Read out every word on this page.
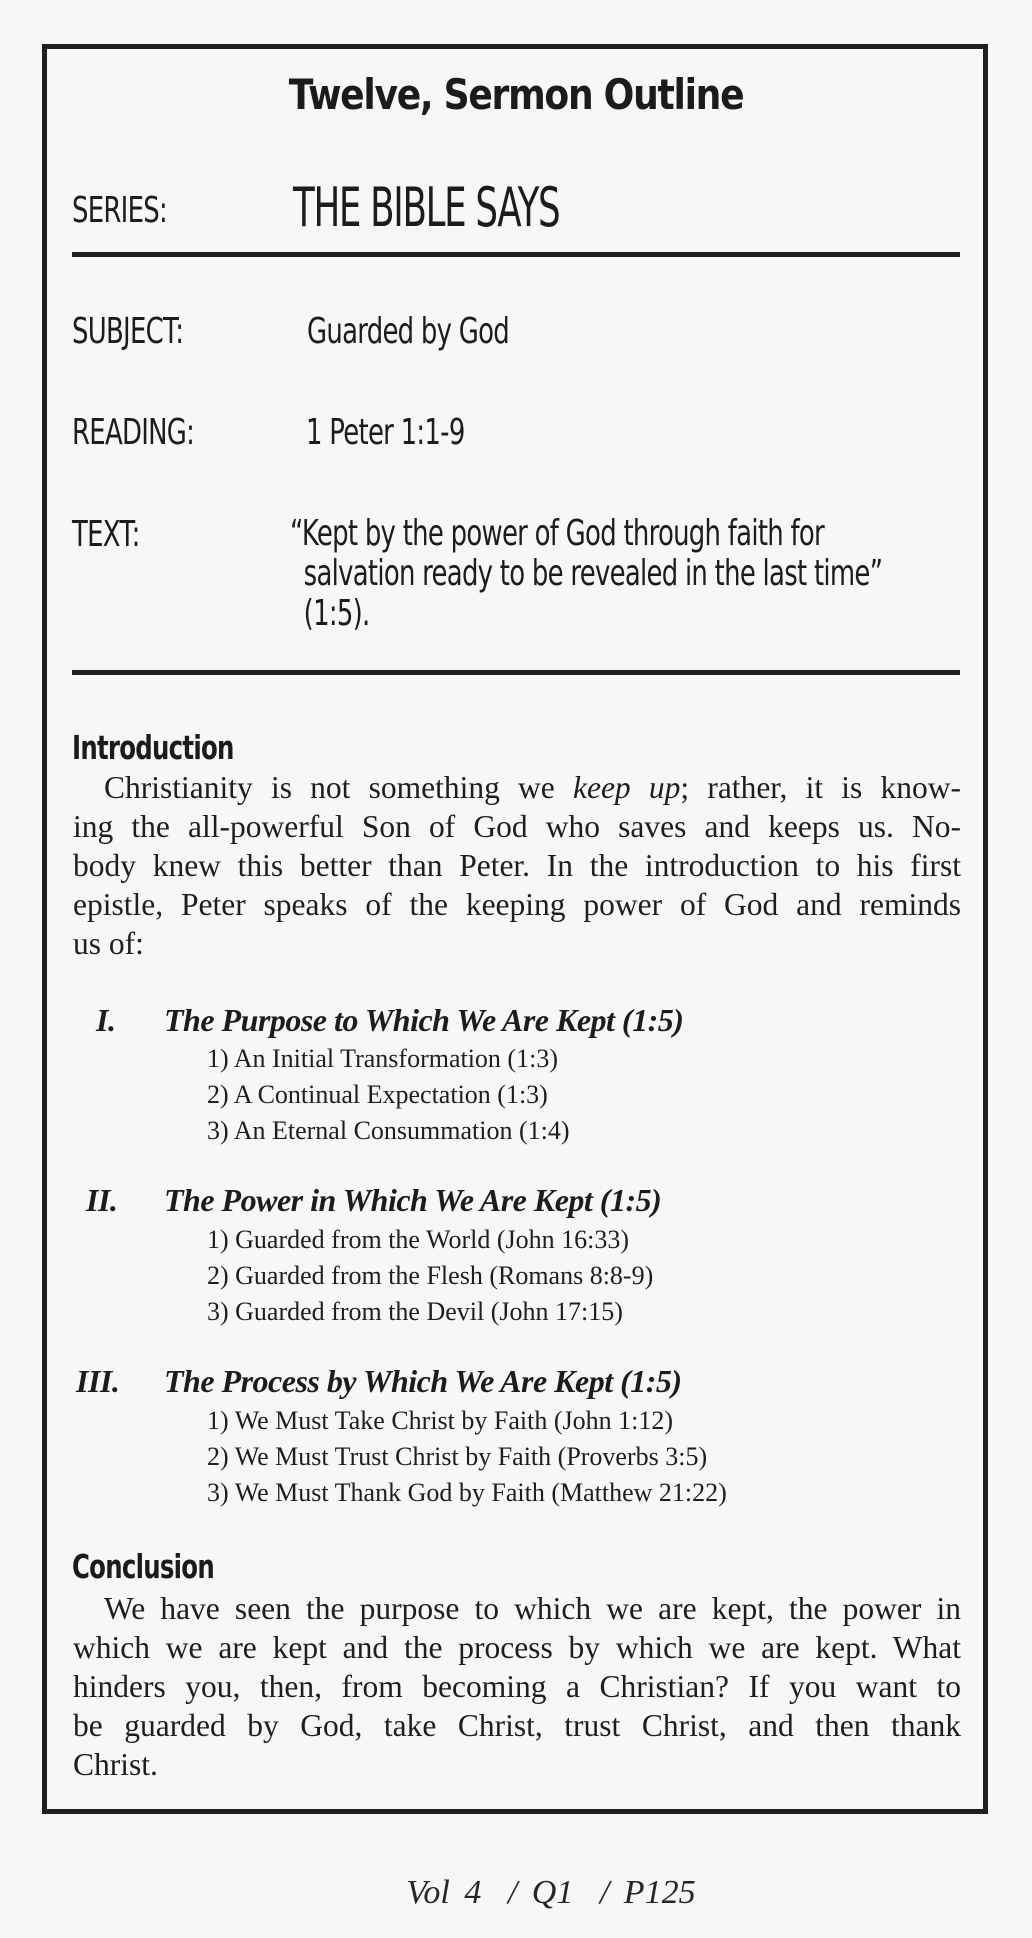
Twelve, Sermon Outline
SERIES: THE BIBLE SAYS
SUBJECT:	Guarded by God
READING:	1 Peter 1:1-9
TEXT:	“Kept by the power of God through faith for
salvation ready to be revealed in the last time”
(1:5).
Introduction
Christianity is not something we keep up; rather, it is know-
ing the all-powerful Son of God who saves and keeps us. No-
body knew this better than Peter. In the introduction to his first
epistle, Peter speaks of the keeping power of God and reminds
us of:
I. The Purpose to Which We Are Kept (1:5)
1) An Initial Transformation (1:3)
2) A Continual Expectation (1:3)
3) An Eternal Consummation (1:4)
II. The Power in Which We Are Kept (1:5)
1) Guarded from the World (John 16:33)
2) Guarded from the Flesh (Romans 8:8-9)
3) Guarded from the Devil (John 17:15)
III. The Process by Which We Are Kept (1:5)
1) We Must Take Christ by Faith (John 1:12)
2) We Must Trust Christ by Faith (Proverbs 3:5)
3) We Must Thank God by Faith (Matthew 21:22)
Conclusion
We have seen the purpose to which we are kept, the power in
which we are kept and the process by which we are kept. What
hinders you, then, from becoming a Christian? If you want to
be guarded by God, take Christ, trust Christ, and then thank
Christ.
Vol 4 / Q1 / P125
